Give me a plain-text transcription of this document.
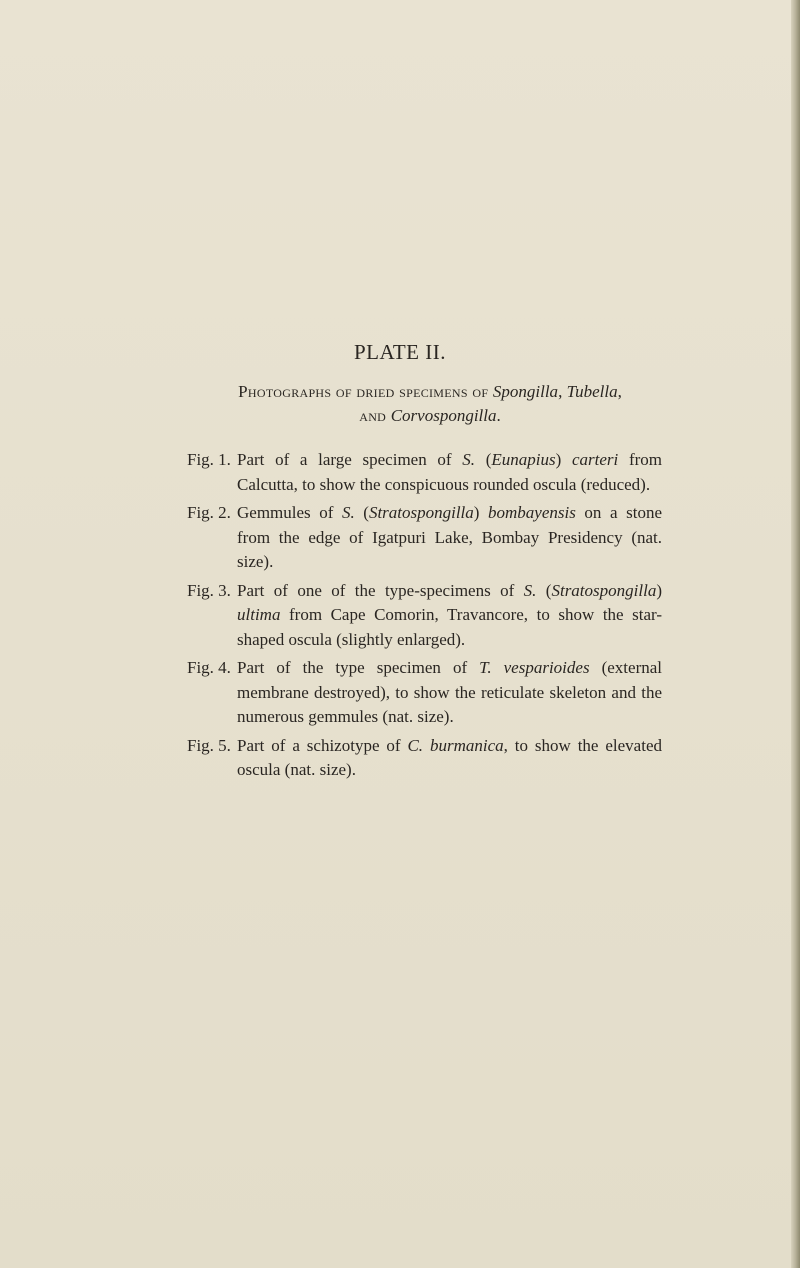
PLATE II.
Photographs of dried specimens of Spongilla, Tubella,
and Corvospongilla.
Fig. 1. Part of a large specimen of S. (Eunapius) carteri from Calcutta, to show the conspicuous rounded oscula (reduced).
Fig. 2. Gemmules of S. (Stratospongilla) bombayensis on a stone from the edge of Igatpuri Lake, Bombay Presidency (nat. size).
Fig. 3. Part of one of the type-specimens of S. (Stratospongilla) ultima from Cape Comorin, Travancore, to show the star-shaped oscula (slightly enlarged).
Fig. 4. Part of the type specimen of T. vesparioides (external membrane destroyed), to show the reticulate skeleton and the numerous gemmules (nat. size).
Fig. 5. Part of a schizotype of C. burmanica, to show the elevated oscula (nat. size).
